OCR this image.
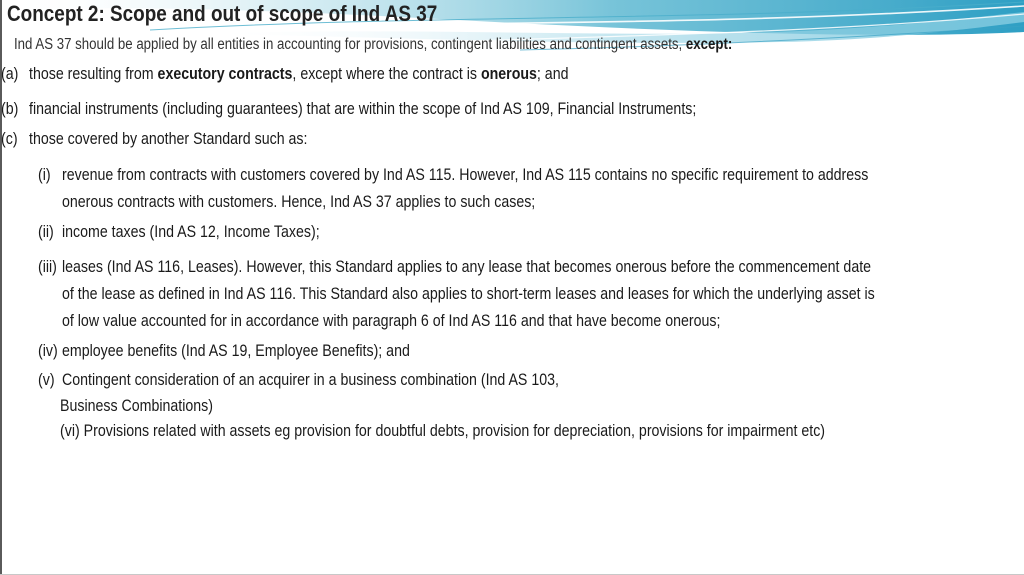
Concept 2: Scope and out of scope of Ind AS 37
Ind AS 37 should be applied by all entities in accounting for provisions, contingent liabilities and contingent assets, except:
(a) those resulting from executory contracts, except where the contract is onerous; and
(b) financial instruments (including guarantees) that are within the scope of Ind AS 109, Financial Instruments;
(c) those covered by another Standard such as:
(i) revenue from contracts with customers covered by Ind AS 115. However, Ind AS 115 contains no specific requirement to address
onerous contracts with customers. Hence, Ind AS 37 applies to such cases;
(ii) income taxes (Ind AS 12, Income Taxes);
(iii) leases (Ind AS 116, Leases). However, this Standard applies to any lease that becomes onerous before the commencement date
of the lease as defined in Ind AS 116. This Standard also applies to short-term leases and leases for which the underlying asset is
of low value accounted for in accordance with paragraph 6 of Ind AS 116 and that have become onerous;
(iv) employee benefits (Ind AS 19, Employee Benefits); and
(v) Contingent consideration of an acquirer in a business combination (Ind AS 103,
Business Combinations)
(vi) Provisions related with assets eg provision for doubtful debts, provision for depreciation, provisions for impairment etc)
